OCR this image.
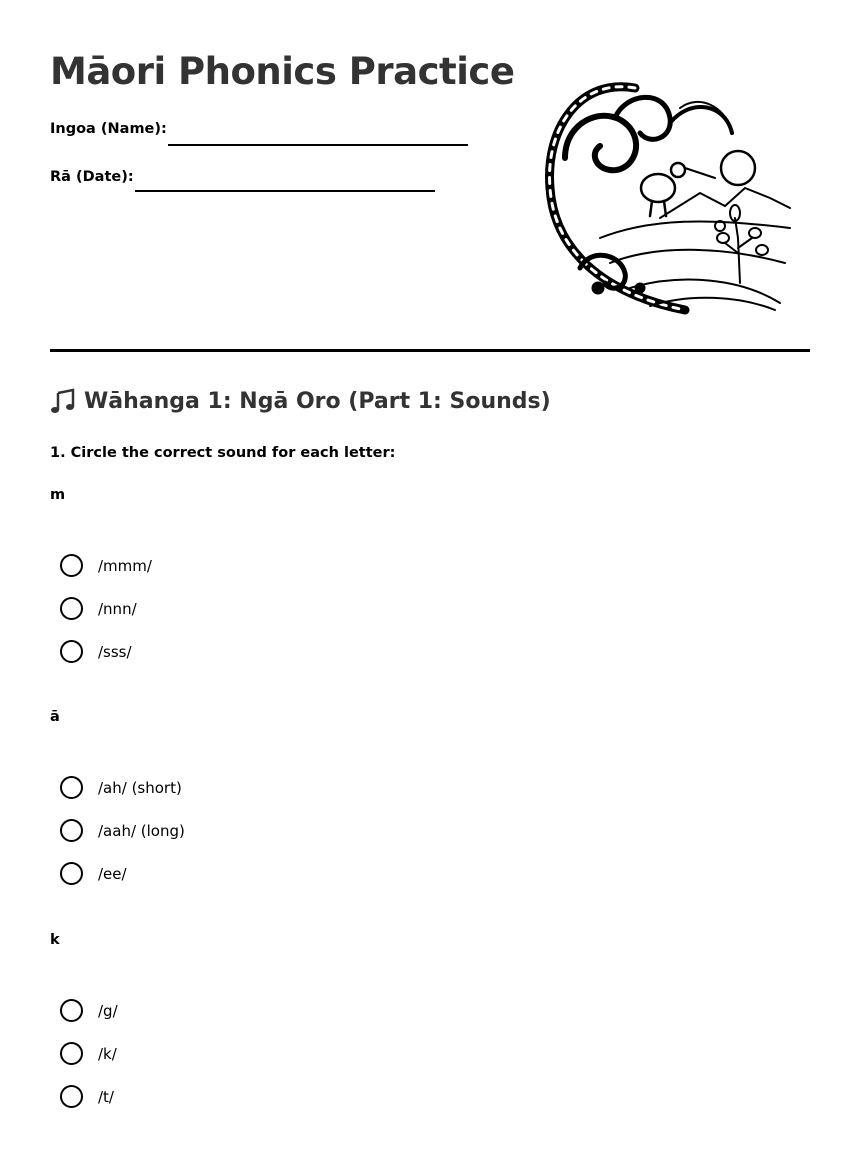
Māori Phonics Practice
Ingoa (Name):
Rā (Date):
Wāhanga 1: Ngā Oro (Part 1: Sounds)
1. Circle the correct sound for each letter:
m
/mmm/
/nnn/
/sss/
ā
/ah/ (short)
/aah/ (long)
/ee/
k
/g/
/k/
/t/
